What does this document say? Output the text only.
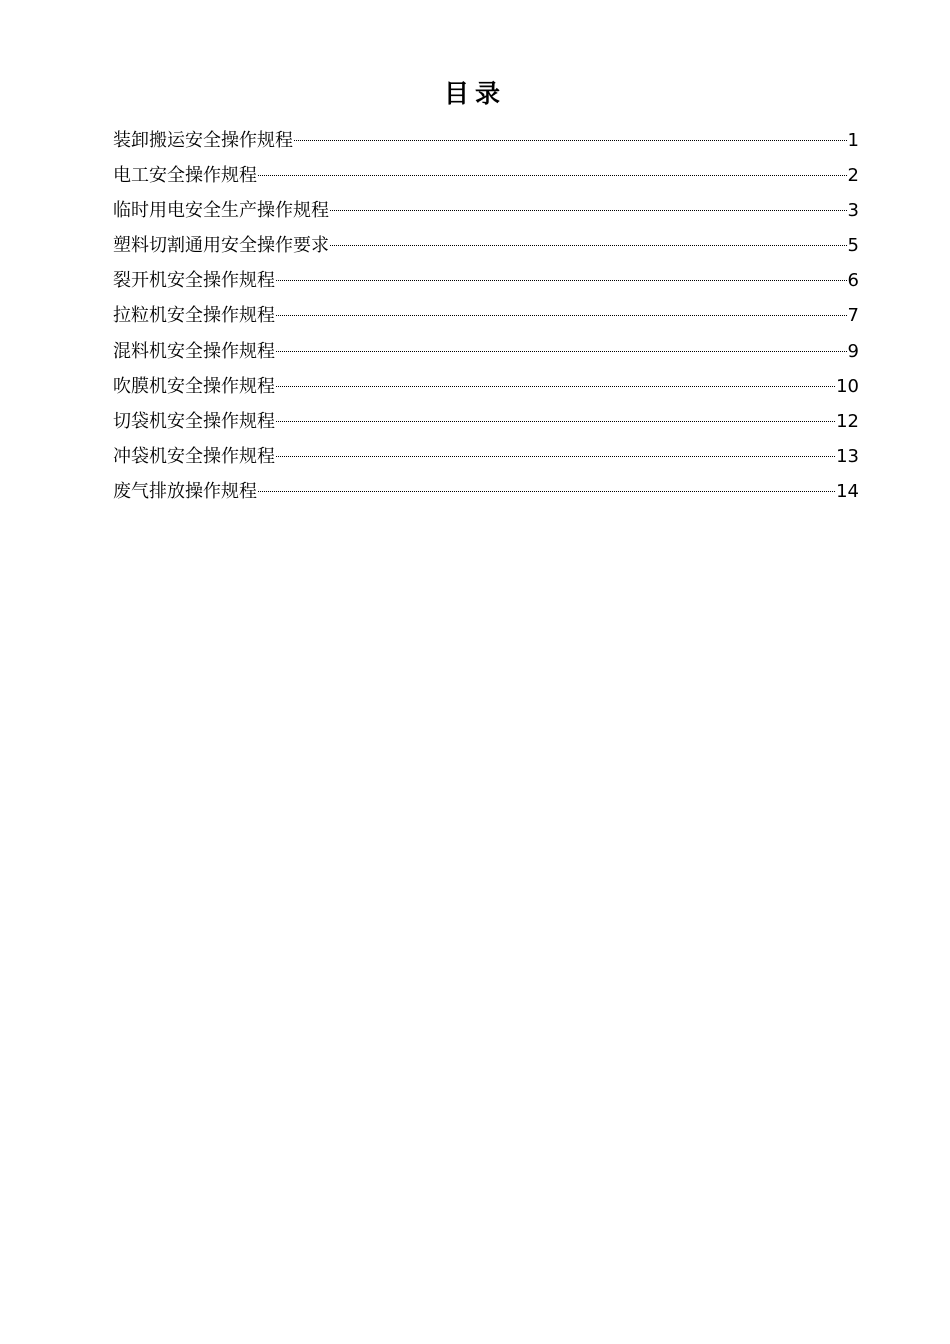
目录
装卸搬运安全操作规程	1
电工安全操作规程	2
临时用电安全生产操作规程	3
塑料切割通用安全操作要求	5
裂开机安全操作规程	6
拉粒机安全操作规程	7
混料机安全操作规程	9
吹膜机安全操作规程	10
切袋机安全操作规程	12
冲袋机安全操作规程	13
废气排放操作规程	14
